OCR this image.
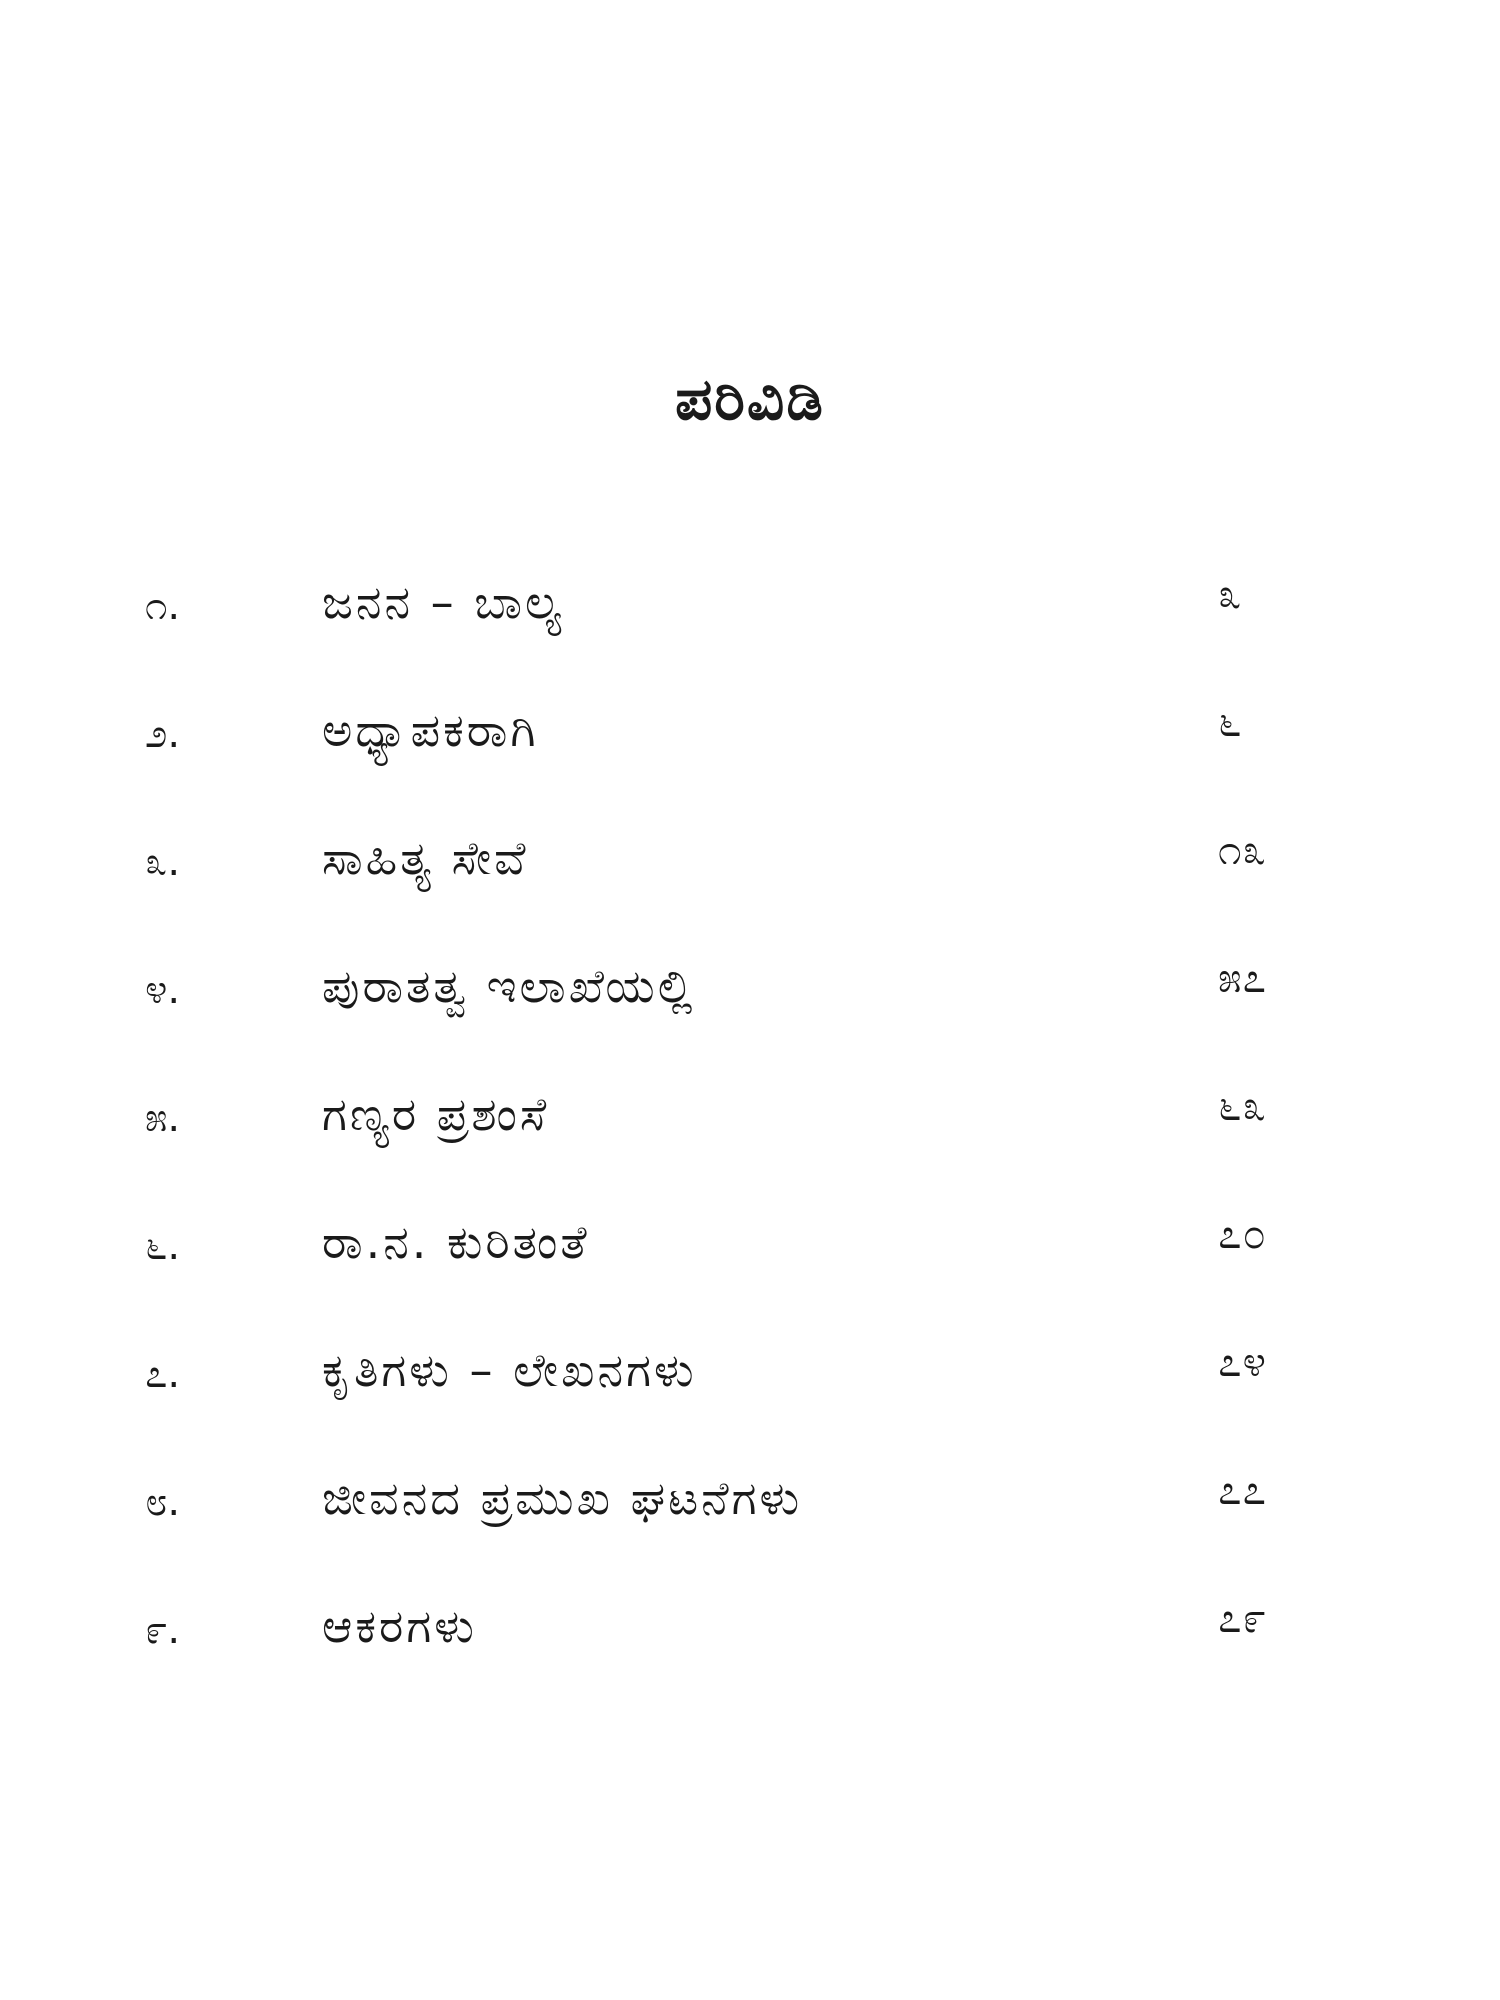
ಪರಿವಿಡಿ
೧.	ಜನನ – ಬಾಲ್ಯ	೩
೨.	ಅಧ್ಯಾಪಕರಾಗಿ	೬
೩.	ಸಾಹಿತ್ಯ ಸೇವೆ	೧೩
೪.	ಪುರಾತತ್ವ ಇಲಾಖೆಯಲ್ಲಿ	೫೭
೫.	ಗಣ್ಯರ ಪ್ರಶಂಸೆ	೬೩
೬.	ರಾ.ನ. ಕುರಿತಂತೆ	೭೦
೭.	ಕೃತಿಗಳು – ಲೇಖನಗಳು	೭೪
೮.	ಜೀವನದ ಪ್ರಮುಖ ಘಟನೆಗಳು	೭೭
೯.	ಆಕರಗಳು	೭೯
